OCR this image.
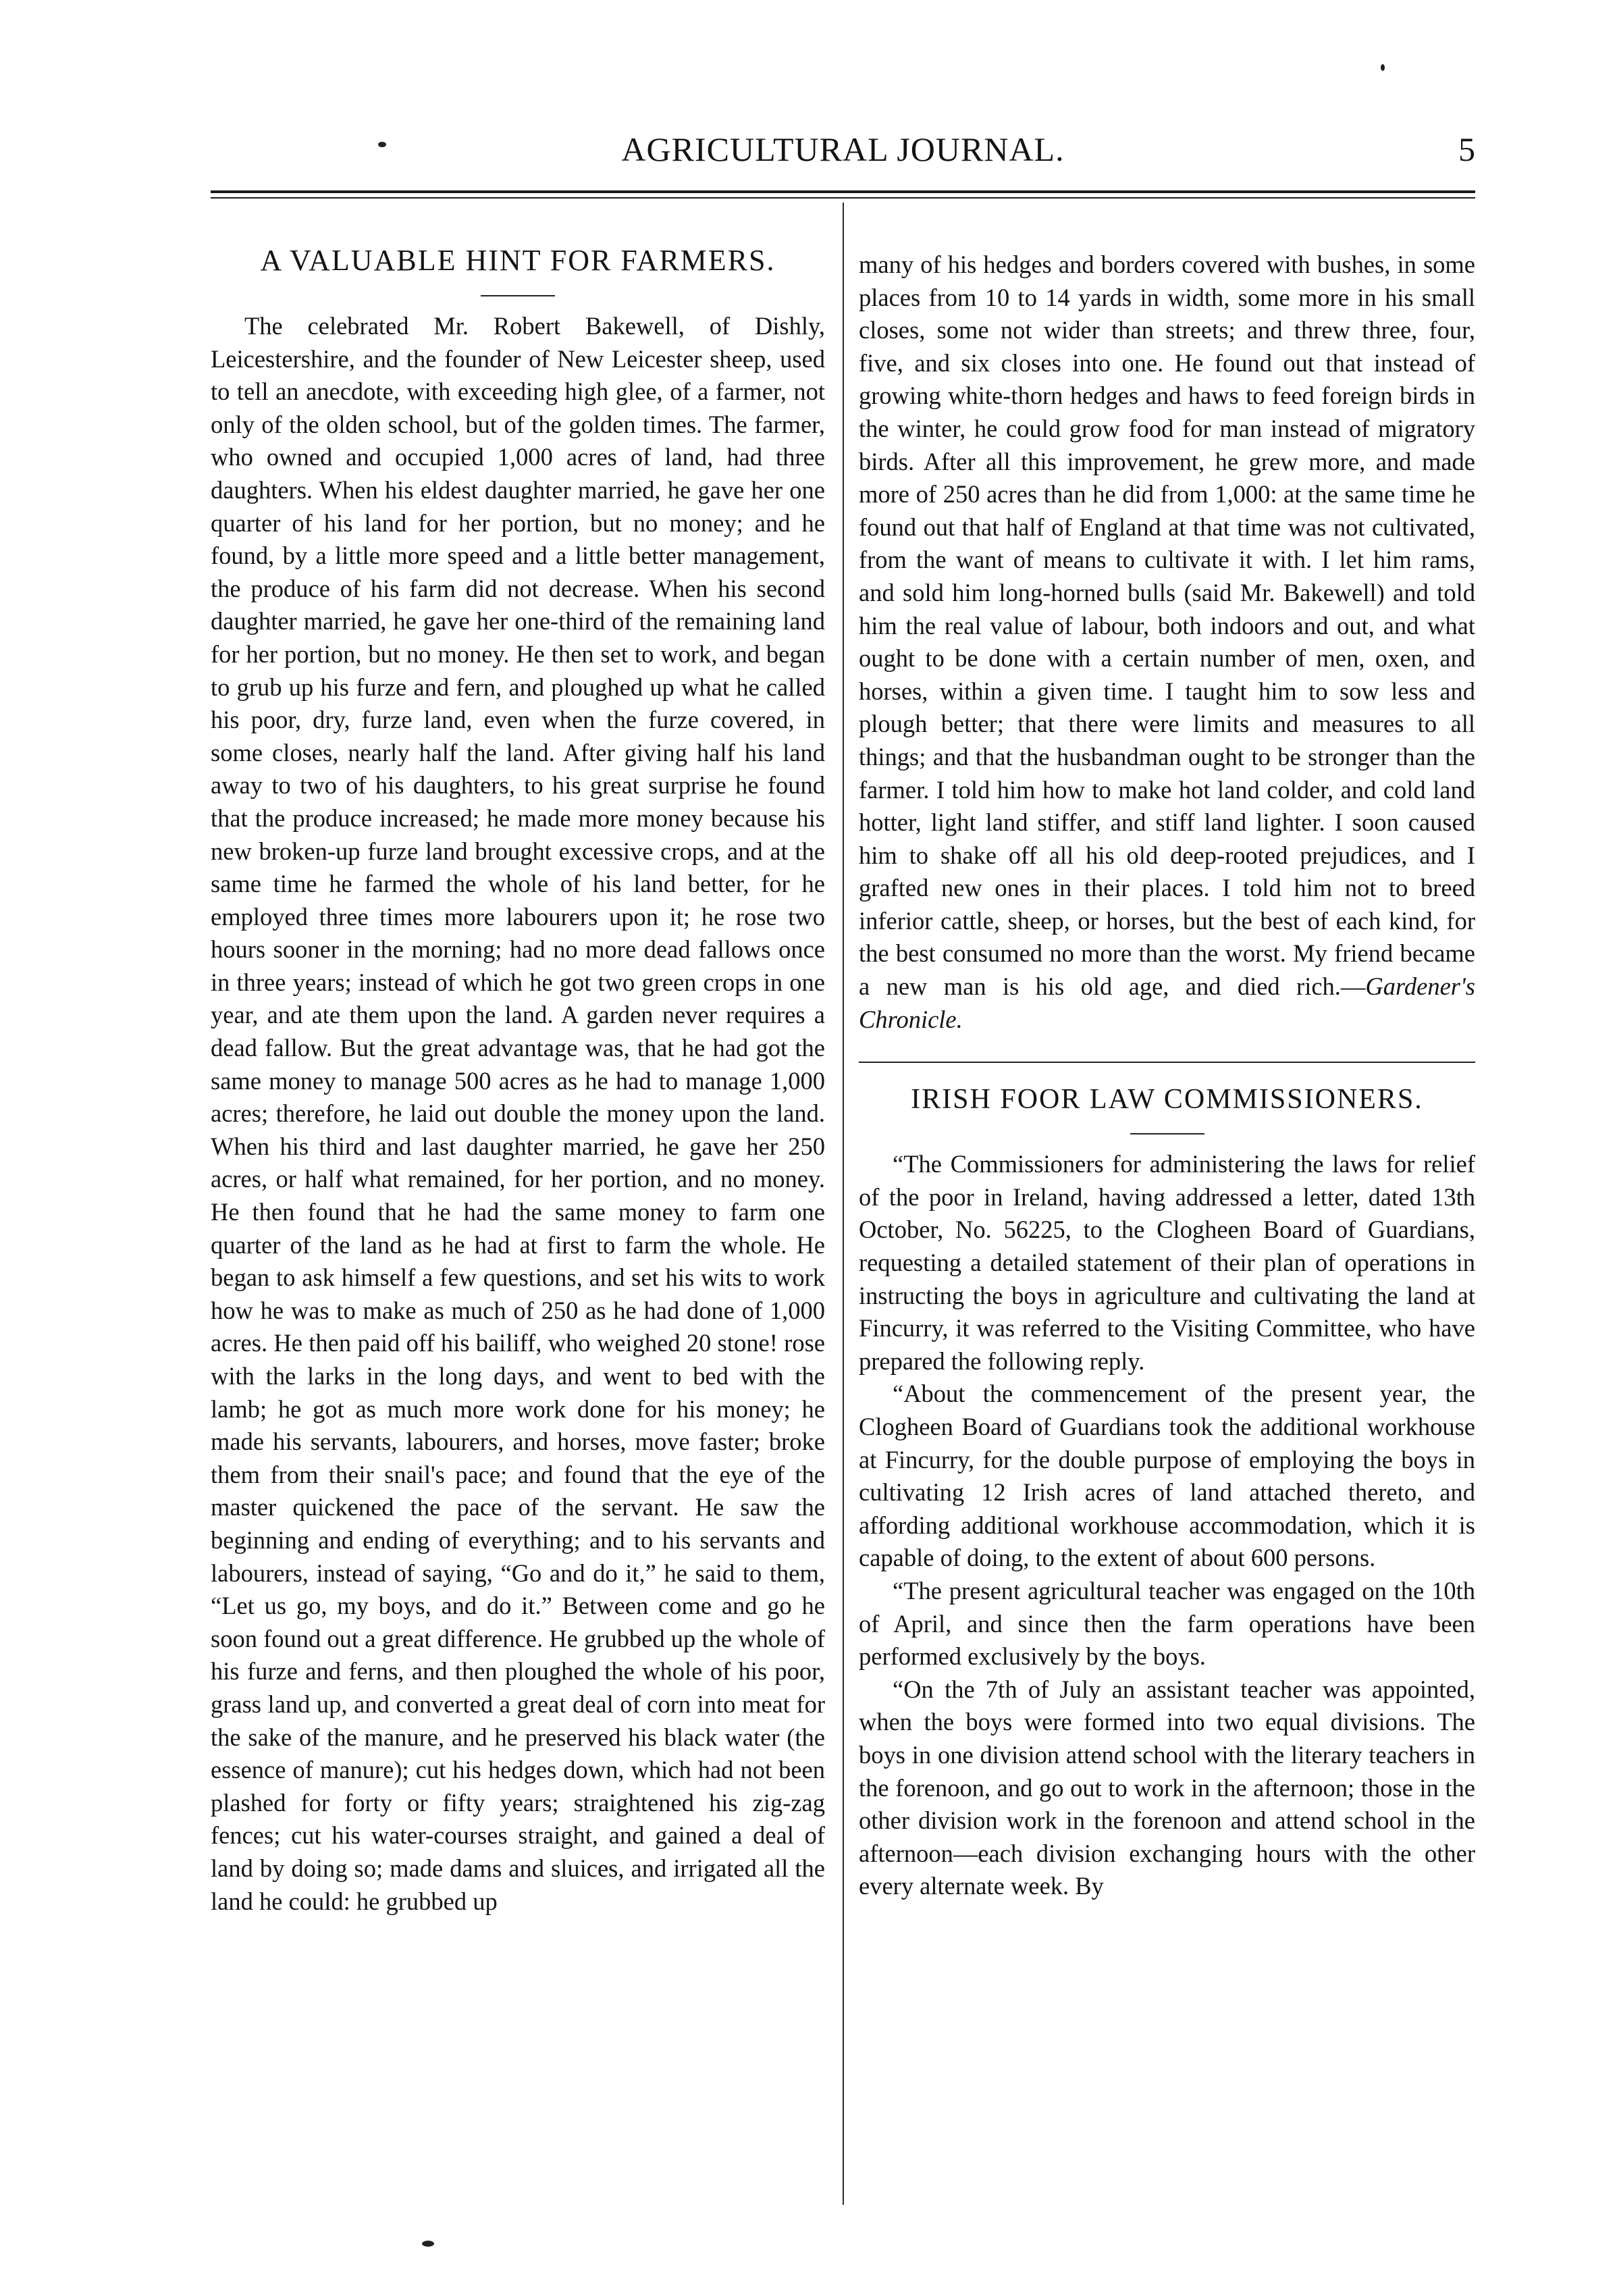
AGRICULTURAL JOURNAL.	5
A VALUABLE HINT FOR FARMERS.

The celebrated Mr. Robert Bakewell, of Dishly, Leicestershire, and the founder of New Leicester sheep, used to tell an anecdote, with exceeding high glee, of a farmer, not only of the olden school, but of the golden times. The farmer, who owned and occupied 1,000 acres of land, had three daughters. When his eldest daughter married, he gave her one quarter of his land for her portion, but no money; and he found, by a little more speed and a little better management, the produce of his farm did not decrease. When his second daughter married, he gave her one-third of the remaining land for her portion, but no money. He then set to work, and began to grub up his furze and fern, and ploughed up what he called his poor, dry, furze land, even when the furze covered, in some closes, nearly half the land. After giving half his land away to two of his daughters, to his great surprise he found that the produce increased; he made more money because his new broken-up furze land brought excessive crops, and at the same time he farmed the whole of his land better, for he employed three times more labourers upon it; he rose two hours sooner in the morning; had no more dead fallows once in three years; instead of which he got two green crops in one year, and ate them upon the land. A garden never requires a dead fallow. But the great advantage was, that he had got the same money to manage 500 acres as he had to manage 1,000 acres; therefore, he laid out double the money upon the land. When his third and last daughter married, he gave her 250 acres, or half what remained, for her portion, and no money. He then found that he had the same money to farm one quarter of the land as he had at first to farm the whole. He began to ask himself a few questions, and set his wits to work how he was to make as much of 250 as he had done of 1,000 acres. He then paid off his bailiff, who weighed 20 stone! rose with the larks in the long days, and went to bed with the lamb; he got as much more work done for his money; he made his servants, labourers, and horses, move faster; broke them from their snail's pace; and found that the eye of the master quickened the pace of the servant. He saw the beginning and ending of everything; and to his servants and labourers, instead of saying, “Go and do it,” he said to them, “Let us go, my boys, and do it.” Between come and go he soon found out a great difference. He grubbed up the whole of his furze and ferns, and then ploughed the whole of his poor, grass land up, and converted a great deal of corn into meat for the sake of the manure, and he preserved his black water (the essence of manure); cut his hedges down, which had not been plashed for forty or fifty years; straightened his zig-zag fences; cut his water-courses straight, and gained a deal of land by doing so; made dams and sluices, and irrigated all the land he could: he grubbed up

many of his hedges and borders covered with bushes, in some places from 10 to 14 yards in width, some more in his small closes, some not wider than streets; and threw three, four, five, and six closes into one. He found out that instead of growing white-thorn hedges and haws to feed foreign birds in the winter, he could grow food for man instead of migratory birds. After all this improvement, he grew more, and made more of 250 acres than he did from 1,000: at the same time he found out that half of England at that time was not cultivated, from the want of means to cultivate it with. I let him rams, and sold him long-horned bulls (said Mr. Bakewell) and told him the real value of labour, both indoors and out, and what ought to be done with a certain number of men, oxen, and horses, within a given time. I taught him to sow less and plough better; that there were limits and measures to all things; and that the husbandman ought to be stronger than the farmer. I told him how to make hot land colder, and cold land hotter, light land stiffer, and stiff land lighter. I soon caused him to shake off all his old deep-rooted prejudices, and I grafted new ones in their places. I told him not to breed inferior cattle, sheep, or horses, but the best of each kind, for the best consumed no more than the worst. My friend became a new man is his old age, and died rich.—Gardener's Chronicle.

IRISH FOOR LAW COMMISSIONERS.

“The Commissioners for administering the laws for relief of the poor in Ireland, having addressed a letter, dated 13th October, No. 56225, to the Clogheen Board of Guardians, requesting a detailed statement of their plan of operations in instructing the boys in agriculture and cultivating the land at Fincurry, it was referred to the Visiting Committee, who have prepared the following reply.

“About the commencement of the present year, the Clogheen Board of Guardians took the additional workhouse at Fincurry, for the double purpose of employing the boys in cultivating 12 Irish acres of land attached thereto, and affording additional workhouse accommodation, which it is capable of doing, to the extent of about 600 persons.

“The present agricultural teacher was engaged on the 10th of April, and since then the farm operations have been performed exclusively by the boys.

“On the 7th of July an assistant teacher was appointed, when the boys were formed into two equal divisions. The boys in one division attend school with the literary teachers in the forenoon, and go out to work in the afternoon; those in the other division work in the forenoon and attend school in the afternoon—each division exchanging hours with the other every alternate week. By
